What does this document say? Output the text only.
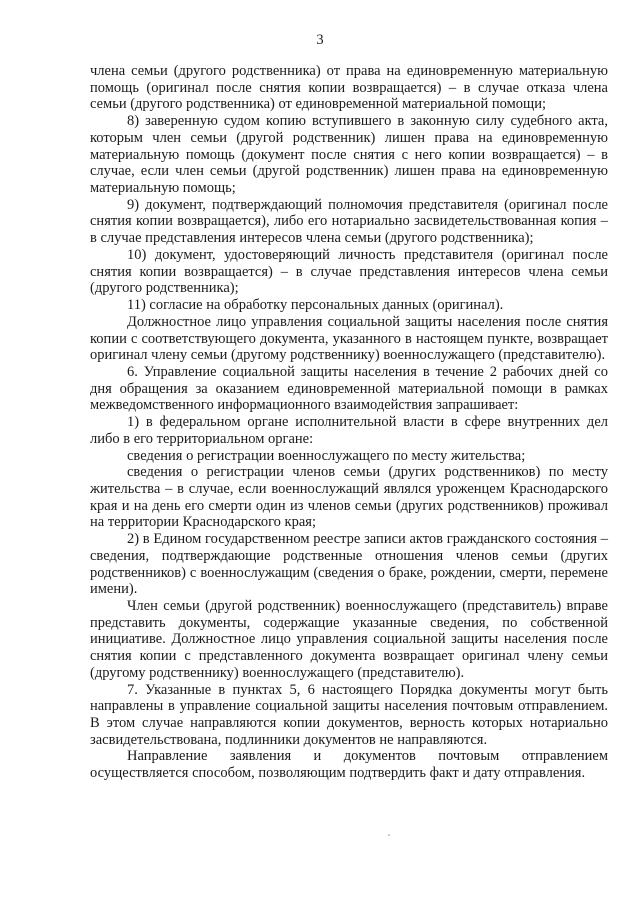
3

члена семьи (другого родственника) от права на единовременную материальную помощь (оригинал после снятия копии возвращается) – в случае отказа члена семьи (другого родственника) от единовременной материальной помощи;

8) заверенную судом копию вступившего в законную силу судебного акта, которым член семьи (другой родственник) лишен права на единовременную материальную помощь (документ после снятия с него копии возвращается) – в случае, если член семьи (другой родственник) лишен права на единовременную материальную помощь;

9) документ, подтверждающий полномочия представителя (оригинал после снятия копии возвращается), либо его нотариально засвидетельствованная копия – в случае представления интересов члена семьи (другого родственника);

10) документ, удостоверяющий личность представителя (оригинал после снятия копии возвращается) – в случае представления интересов члена семьи (другого родственника);

11) согласие на обработку персональных данных (оригинал).

Должностное лицо управления социальной защиты населения после снятия копии с соответствующего документа, указанного в настоящем пункте, возвращает оригинал члену семьи (другому родственнику) военнослужащего (представителю).

6. Управление социальной защиты населения в течение 2 рабочих дней со дня обращения за оказанием единовременной материальной помощи в рамках межведомственного информационного взаимодействия запрашивает:

1) в федеральном органе исполнительной власти в сфере внутренних дел либо в его территориальном органе:

сведения о регистрации военнослужащего по месту жительства;

сведения о регистрации членов семьи (других родственников) по месту жительства – в случае, если военнослужащий являлся уроженцем Краснодарского края и на день его смерти один из членов семьи (других родственников) проживал на территории Краснодарского края;

2) в Едином государственном реестре записи актов гражданского состояния – сведения, подтверждающие родственные отношения членов семьи (других родственников) с военнослужащим (сведения о браке, рождении, смерти, перемене имени).

Член семьи (другой родственник) военнослужащего (представитель) вправе представить документы, содержащие указанные сведения, по собственной инициативе. Должностное лицо управления социальной защиты населения после снятия копии с представленного документа возвращает оригинал члену семьи (другому родственнику) военнослужащего (представителю).

7. Указанные в пунктах 5, 6 настоящего Порядка документы могут быть направлены в управление социальной защиты населения почтовым отправлением. В этом случае направляются копии документов, верность которых нотариально засвидетельствована, подлинники документов не направляются.

Направление заявления и документов почтовым отправлением осуществляется способом, позволяющим подтвердить факт и дату отправления.
